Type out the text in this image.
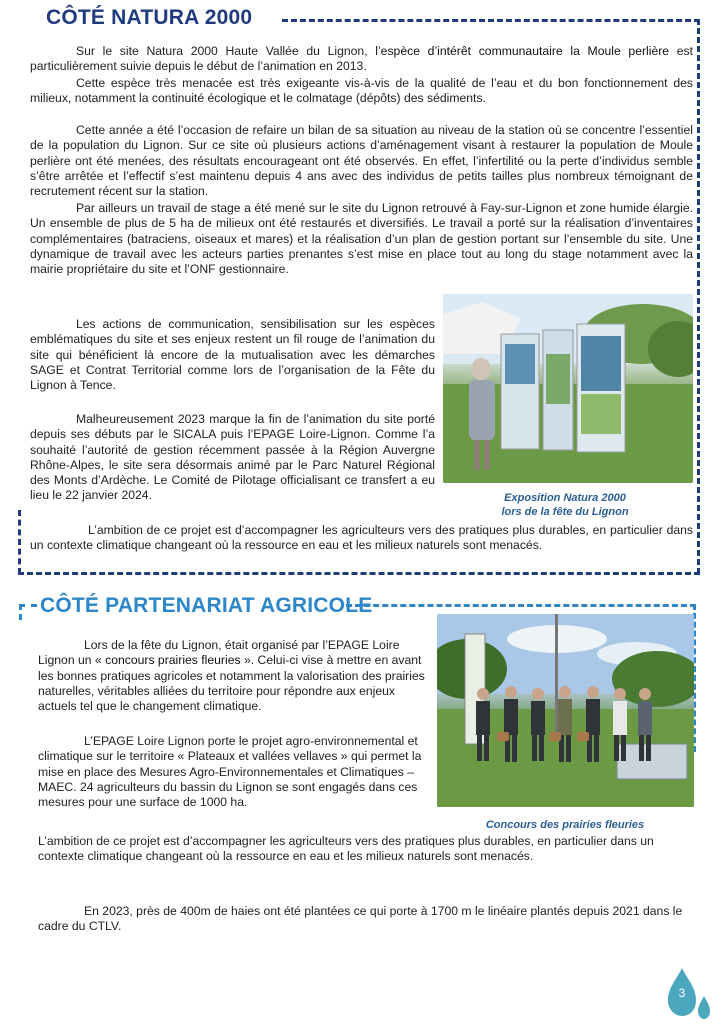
CÔTÉ NATURA 2000

Sur le site Natura 2000 Haute Vallée du Lignon, l’espèce d’intérêt communautaire la Moule perlière est particulièrement suivie depuis le début de l’animation en 2013.

Cette espèce très menacée est très exigeante vis-à-vis de la qualité de l’eau et du bon fonctionnement des milieux, notamment la continuité écologique et le colmatage (dépôts) des sédiments.

Cette année a été l’occasion de refaire un bilan de sa situation au niveau de la station où se concentre l’essentiel de la population du Lignon. Sur ce site où plusieurs actions d’aménagement visant à restaurer la population de Moule perlière ont été menées, des résultats encourageant ont été observés. En effet, l’infertilité ou la perte d’individus semble s’être arrêtée et l’effectif s’est maintenu depuis 4 ans avec des individus de petits tailles plus nombreux témoignant de recrutement récent sur la station.

Par ailleurs un travail de stage a été mené sur le site du Lignon retrouvé à Fay-sur-Lignon et zone humide élargie. Un ensemble de plus de 5 ha de milieux ont été restaurés et diversifiés. Le travail a porté sur la réalisation d’inventaires complémentaires (batraciens, oiseaux et mares) et la réalisation d’un plan de gestion portant sur l’ensemble du site. Une dynamique de travail avec les acteurs parties prenantes s’est mise en place tout au long du stage notamment avec la mairie propriétaire du site et l’ONF gestionnaire.

Les actions de communication, sensibilisation sur les espèces emblématiques du site et ses enjeux restent un fil rouge de l’animation du site qui bénéficient là encore de la mutualisation avec les démarches SAGE et Contrat Territorial comme lors de l’organisation de la Fête du Lignon à Tence.

Malheureusement 2023 marque la fin de l’animation du site porté depuis ses débuts par le SICALA puis l’EPAGE Loire-Lignon. Comme l’a souhaité l’autorité de gestion récemment passée à la Région Auvergne Rhône-Alpes, le site sera désormais animé par le Parc Naturel Régional des Monts d’Ardèche. Le Comité de Pilotage officialisant ce transfert a eu lieu le 22 janvier 2024.

L’ambition de ce projet est d’accompagner les agriculteurs vers des pratiques plus durables, en particulier dans un contexte climatique changeant où la ressource en eau et les milieux naturels sont menacés.

Exposition Natura 2000
lors de la fête du Lignon

CÔTÉ PARTENARIAT AGRICOLE

Lors de la fête du Lignon, était organisé par l’EPAGE Loire Lignon un « concours prairies fleuries ». Celui-ci vise à mettre en avant les bonnes pratiques agricoles et notamment la valorisation des prairies naturelles, véritables alliées du territoire pour répondre aux enjeux actuels tel que le changement climatique.

L’EPAGE Loire Lignon porte le projet agro-environnemental et climatique sur le territoire « Plateaux et vallées vellaves » qui permet la mise en place des Mesures Agro-Environnementales et Climatiques – MAEC. 24 agriculteurs du bassin du Lignon se sont engagés dans ces mesures pour une surface de 1000 ha.

L’ambition de ce projet est d’accompagner les agriculteurs vers des pratiques plus durables, en particulier dans un contexte climatique changeant où la ressource en eau et les milieux naturels sont menacés.

En 2023, près de 400m de haies ont été plantées ce qui porte à 1700 m le linéaire plantés depuis 2021 dans le cadre du CTLV.

Concours des prairies fleuries

3
